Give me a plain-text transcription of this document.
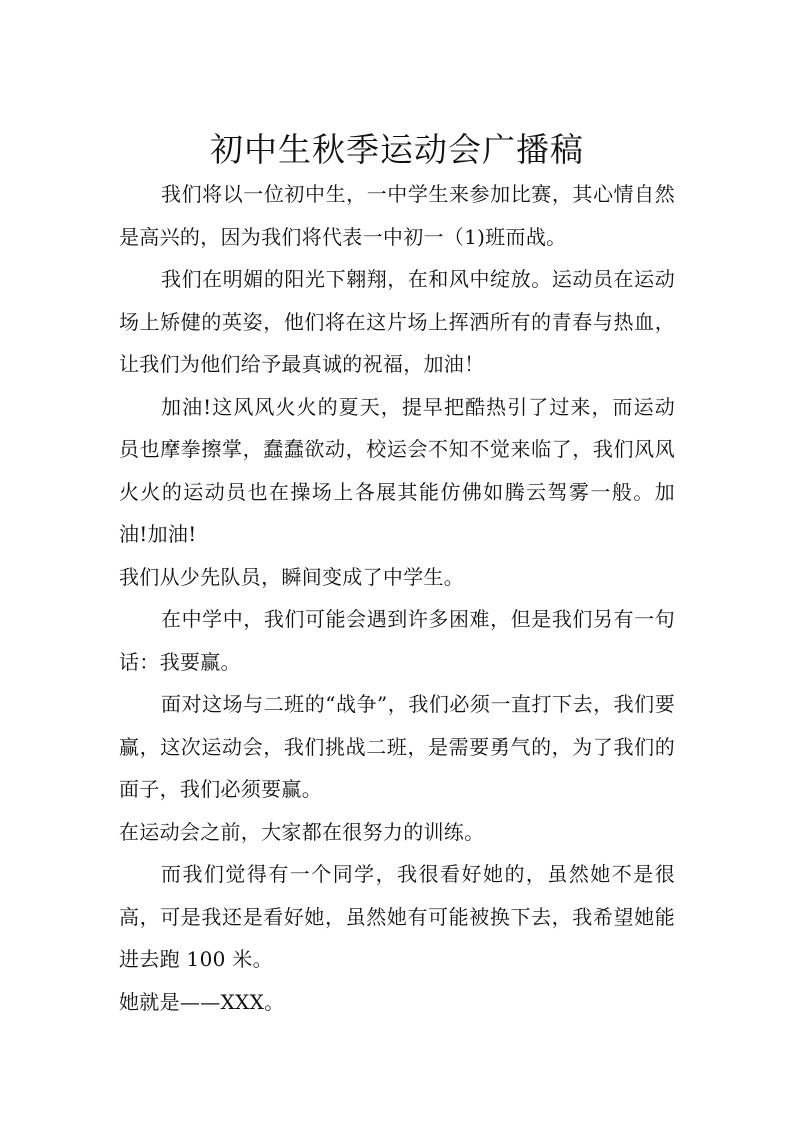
初中生秋季运动会广播稿

我们将以一位初中生，一中学生来参加比赛，其心情自然是高兴的，因为我们将代表一中初一（1)班而战。

我们在明媚的阳光下翱翔，在和风中绽放。运动员在运动场上矫健的英姿，他们将在这片场上挥洒所有的青春与热血，让我们为他们给予最真诚的祝福，加油！

加油!这风风火火的夏天，提早把酷热引了过来，而运动员也摩拳擦掌，蠢蠢欲动，校运会不知不觉来临了，我们风风火火的运动员也在操场上各展其能仿佛如腾云驾雾一般。加油!加油!

我们从少先队员，瞬间变成了中学生。

在中学中，我们可能会遇到许多困难，但是我们另有一句话：我要赢。

面对这场与二班的“战争”，我们必须一直打下去，我们要赢，这次运动会，我们挑战二班，是需要勇气的，为了我们的面子，我们必须要赢。

在运动会之前，大家都在很努力的训练。

而我们觉得有一个同学，我很看好她的，虽然她不是很高，可是我还是看好她，虽然她有可能被换下去，我希望她能进去跑 100 米。

她就是——XXX。
